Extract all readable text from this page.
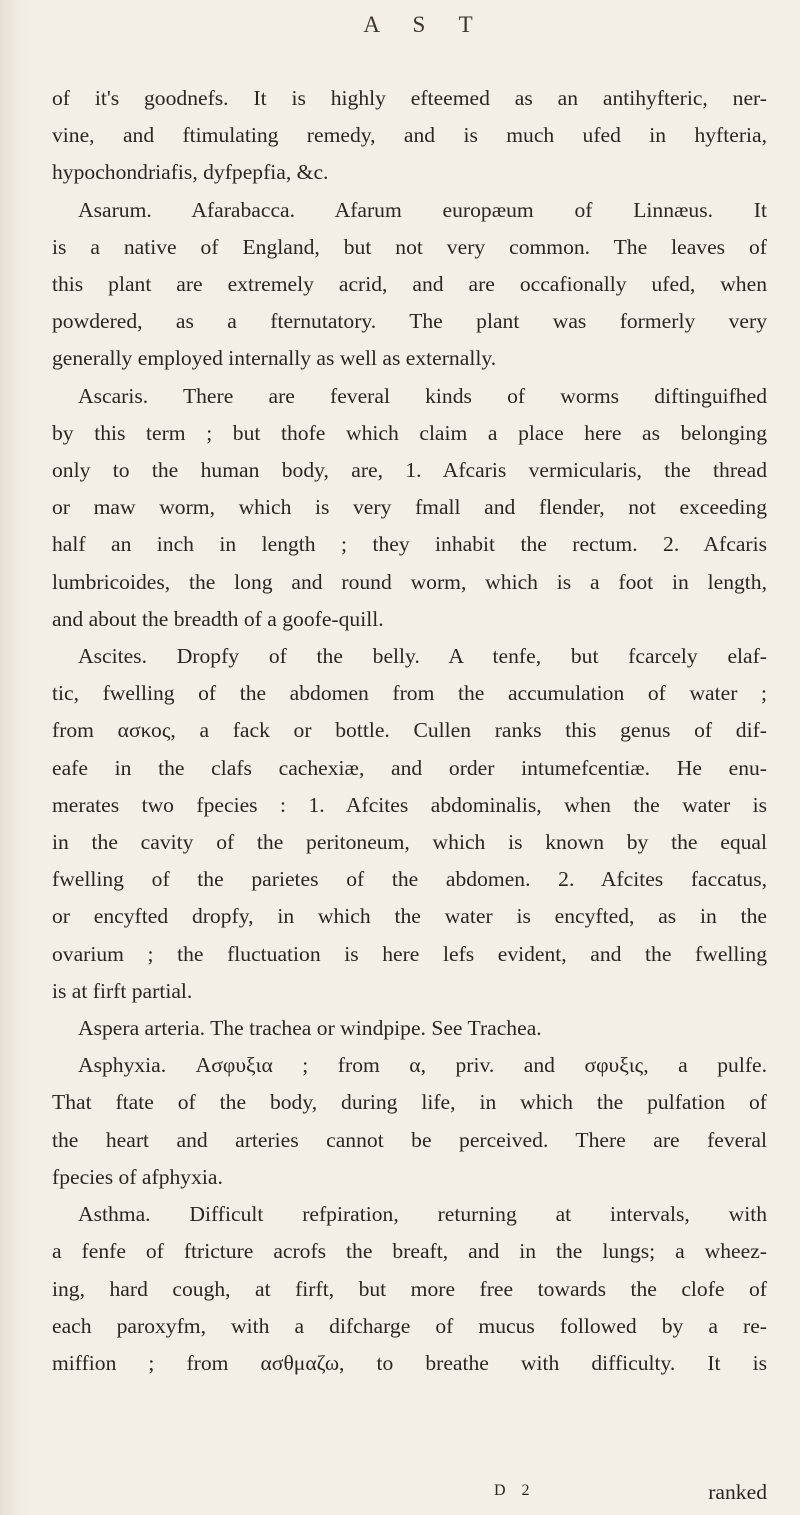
A S T
of it's goodnefs. It is highly efteemed as an antihyfteric, ner-
vine, and ftimulating remedy, and is much ufed in hyfteria,
hypochondriafis, dyfpepfia, &c.
Asarum. Afarabacca. Afarum europæum of Linnæus. It
is a native of England, but not very common. The leaves of
this plant are extremely acrid, and are occafionally ufed, when
powdered, as a fternutatory. The plant was formerly very
generally employed internally as well as externally.
Ascaris. There are feveral kinds of worms diftinguifhed
by this term ; but thofe which claim a place here as belonging
only to the human body, are, 1. Afcaris vermicularis, the thread
or maw worm, which is very fmall and flender, not exceeding
half an inch in length ; they inhabit the rectum. 2. Afcaris
lumbricoides, the long and round worm, which is a foot in length,
and about the breadth of a goofe-quill.
Ascites. Dropfy of the belly. A tenfe, but fcarcely elaf-
tic, fwelling of the abdomen from the accumulation of water ;
from ασκος, a fack or bottle. Cullen ranks this genus of dif-
eafe in the clafs cachexiæ, and order intumefcentiæ. He enu-
merates two fpecies : 1. Afcites abdominalis, when the water is
in the cavity of the peritoneum, which is known by the equal
fwelling of the parietes of the abdomen. 2. Afcites faccatus,
or encyfted dropfy, in which the water is encyfted, as in the
ovarium ; the fluctuation is here lefs evident, and the fwelling
is at firft partial.
Aspera arteria. The trachea or windpipe. See Trachea.
Asphyxia. Ασφυξια ; from α, priv. and σφυξις, a pulfe.
That ftate of the body, during life, in which the pulfation of
the heart and arteries cannot be perceived. There are feveral
fpecies of afphyxia.
Asthma. Difficult refpiration, returning at intervals, with
a fenfe of ftricture acrofs the breaft, and in the lungs; a wheez-
ing, hard cough, at firft, but more free towards the clofe of
each paroxyfm, with a difcharge of mucus followed by a re-
miffion ; from ασθμαζω, to breathe with difficulty. It is
D 2	ranked
